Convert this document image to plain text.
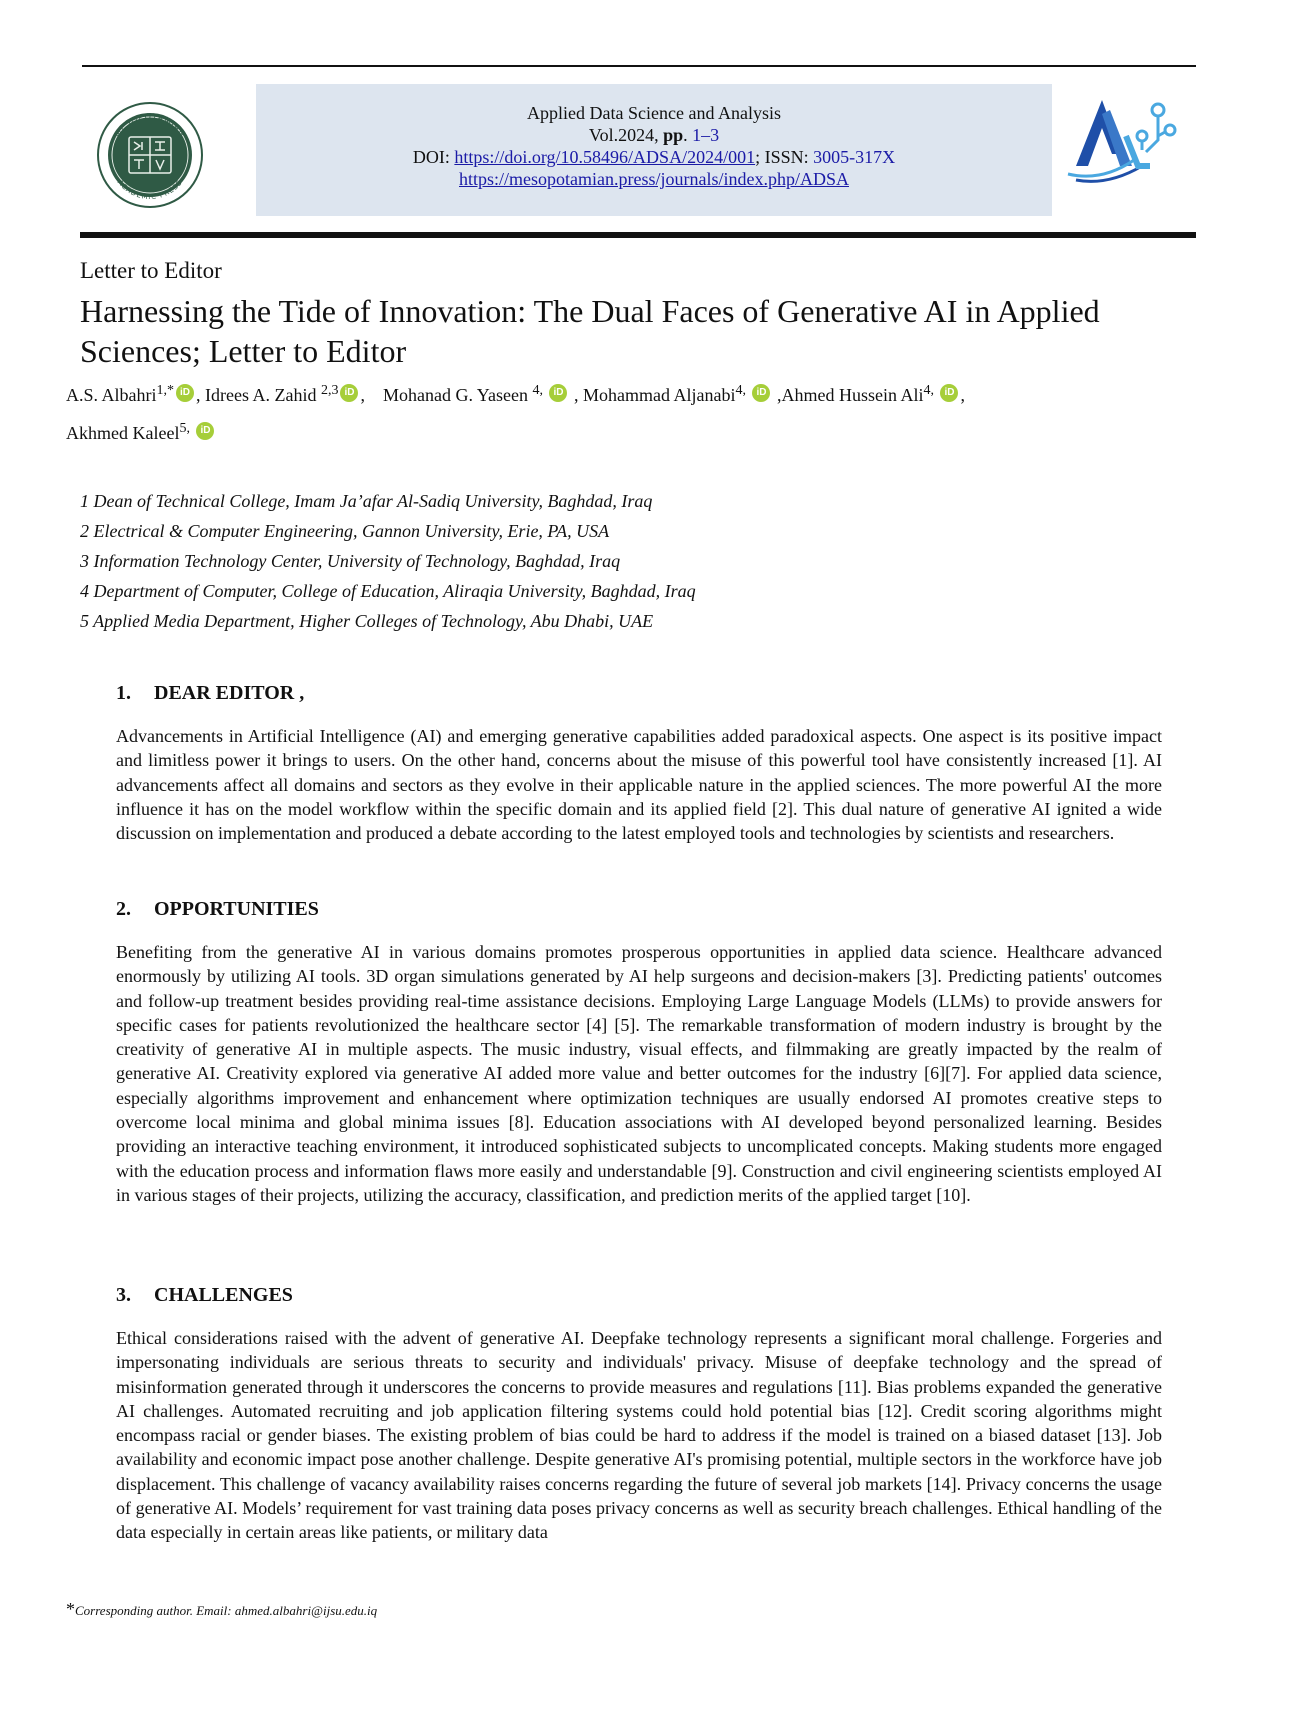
MESOPOTAMIAN
ACADEMIC PRESS
Applied Data Science and Analysis
Vol.2024, pp. 1–3
DOI: https://doi.org/10.58496/ADSA/2024/001; ISSN: 3005-317X
https://mesopotamian.press/journals/index.php/ADSA
Letter to Editor
Harnessing the Tide of Innovation: The Dual Faces of Generative AI in Applied Sciences; Letter to Editor
A.S. Albahri$^{1,*}$ iD , Idrees A. Zahid $^{2,3}$ iD ,    Mohanad G. Yaseen $^{4,}$ iD , Mohammad Aljanabi$^{4,}$ iD ,Ahmed Hussein Ali$^{4,}$ iD ,
Akhmed Kaleel$^{5,}$ iD

1 Dean of Technical College, Imam Ja’afar Al-Sadiq University, Baghdad, Iraq

2 Electrical & Computer Engineering, Gannon University, Erie, PA, USA

3 Information Technology Center, University of Technology, Baghdad, Iraq

4 Department of Computer, College of Education, Aliraqia University, Baghdad, Iraq

5 Applied Media Department, Higher Colleges of Technology, Abu Dhabi, UAE

1. DEAR EDITOR ,

Advancements in Artificial Intelligence (AI) and emerging generative capabilities added paradoxical aspects. One aspect is its positive impact and limitless power it brings to users. On the other hand, concerns about the misuse of this powerful tool have consistently increased [1]. AI advancements affect all domains and sectors as they evolve in their applicable nature in the applied sciences. The more powerful AI the more influence it has on the model workflow within the specific domain and its applied field [2]. This dual nature of generative AI ignited a wide discussion on implementation and produced a debate according to the latest employed tools and technologies by scientists and researchers.

2. OPPORTUNITIES

Benefiting from the generative AI in various domains promotes prosperous opportunities in applied data science. Healthcare advanced enormously by utilizing AI tools. 3D organ simulations generated by AI help surgeons and decision-makers [3]. Predicting patients' outcomes and follow-up treatment besides providing real-time assistance decisions. Employing Large Language Models (LLMs) to provide answers for specific cases for patients revolutionized the healthcare sector [4] [5]. The remarkable transformation of modern industry is brought by the creativity of generative AI in multiple aspects. The music industry, visual effects, and filmmaking are greatly impacted by the realm of generative AI. Creativity explored via generative AI added more value and better outcomes for the industry [6][7]. For applied data science, especially algorithms improvement and enhancement where optimization techniques are usually endorsed AI promotes creative steps to overcome local minima and global minima issues [8]. Education associations with AI developed beyond personalized learning. Besides providing an interactive teaching environment, it introduced sophisticated subjects to uncomplicated concepts. Making students more engaged with the education process and information flaws more easily and understandable [9]. Construction and civil engineering scientists employed AI in various stages of their projects, utilizing the accuracy, classification, and prediction merits of the applied target [10].

3. CHALLENGES

Ethical considerations raised with the advent of generative AI. Deepfake technology represents a significant moral challenge. Forgeries and impersonating individuals are serious threats to security and individuals' privacy. Misuse of deepfake technology and the spread of misinformation generated through it underscores the concerns to provide measures and regulations [11]. Bias problems expanded the generative AI challenges. Automated recruiting and job application filtering systems could hold potential bias [12]. Credit scoring algorithms might encompass racial or gender biases. The existing problem of bias could be hard to address if the model is trained on a biased dataset [13]. Job availability and economic impact pose another challenge. Despite generative AI's promising potential, multiple sectors in the workforce have job displacement. This challenge of vacancy availability raises concerns regarding the future of several job markets [14]. Privacy concerns the usage of generative AI. Models’ requirement for vast training data poses privacy concerns as well as security breach challenges. Ethical handling of the data especially in certain areas like patients, or military data

*Corresponding author. Email: ahmed.albahri@ijsu.edu.iq
